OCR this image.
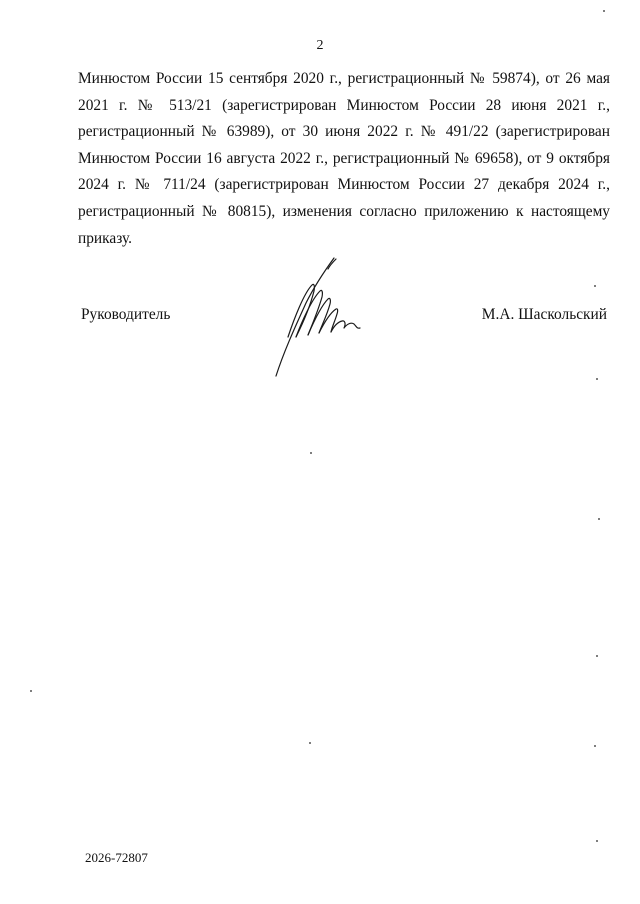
2

Минюстом России 15 сентября 2020 г., регистрационный № 59874), от 26 мая
2021 г. № 513/21 (зарегистрирован Минюстом России 28 июня 2021 г.,
регистрационный № 63989), от 30 июня 2022 г. № 491/22 (зарегистрирован
Минюстом России 16 августа 2022 г., регистрационный № 69658), от 9 октября
2024 г. № 711/24 (зарегистрирован Минюстом России 27 декабря 2024 г.,
регистрационный № 80815), изменения согласно приложению к настоящему
приказу.

Руководитель	М.А. Шаскольский
2026-72807
